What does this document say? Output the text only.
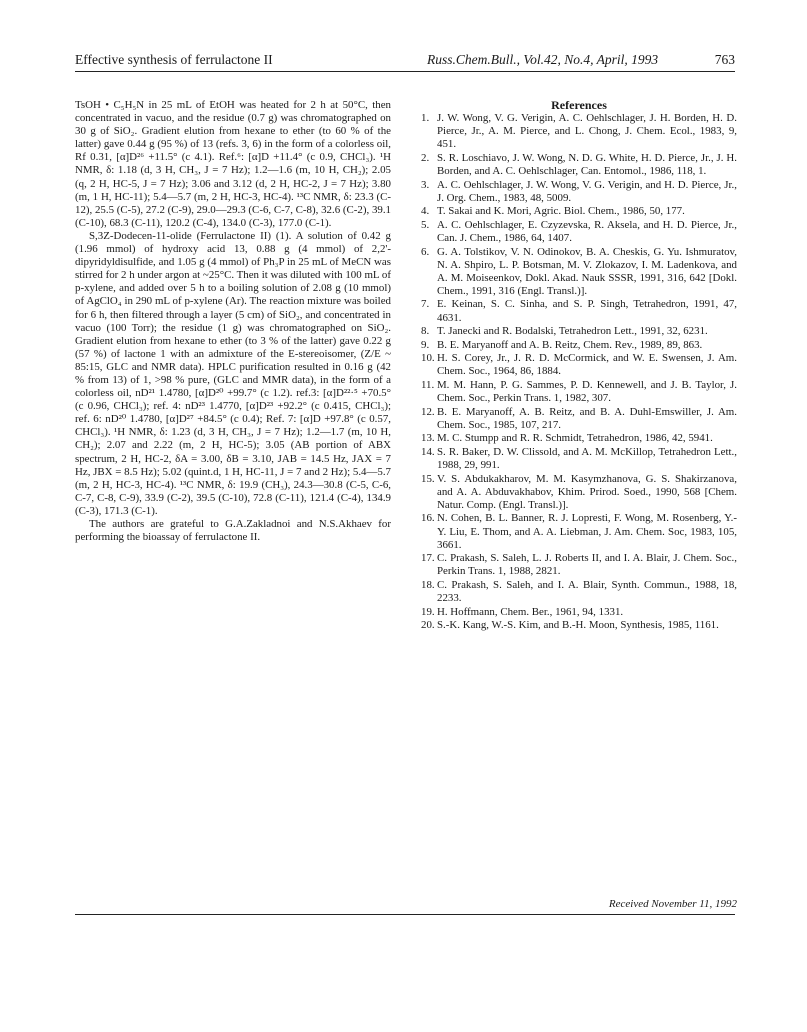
Effective synthesis of ferrulactone II	Russ.Chem.Bull., Vol.42, No.4, April, 1993	763

TsOH • C₅H₅N in 25 mL of EtOH was heated for 2 h at 50°C, then concentrated in vacuo, and the residue (0.7 g) was chromatographed on 30 g of SiO₂. Gradient elution from hexane to ether (to 60 % of the latter) gave 0.44 g (95 %) of 13 (refs. 3, 6) in the form of a colorless oil, Rf 0.31, [α]D²⁶ +11.5° (c 4.1). Ref.⁶: [α]D +11.4° (c 0.9, CHCl₃). ¹H NMR, δ: 1.18 (d, 3 H, CH₃, J = 7 Hz); 1.2—1.6 (m, 10 H, CH₂); 2.05 (q, 2 H, HC-5, J = 7 Hz); 3.06 and 3.12 (d, 2 H, HC-2, J = 7 Hz); 3.80 (m, 1 H, HC-11); 5.4—5.7 (m, 2 H, HC-3, HC-4). ¹³C NMR, δ: 23.3 (C-12), 25.5 (C-5), 27.2 (C-9), 29.0—29.3 (C-6, C-7, C-8), 32.6 (C-2), 39.1 (C-10), 68.3 (C-11), 120.2 (C-4), 134.0 (C-3), 177.0 (C-1).

S,3Z-Dodecen-11-olide (Ferrulactone II) (1). A solution of 0.42 g (1.96 mmol) of hydroxy acid 13, 0.88 g (4 mmol) of 2,2'-dipyridyldisulfide, and 1.05 g (4 mmol) of Ph₃P in 25 mL of MeCN was stirred for 2 h under argon at ~25°C. Then it was diluted with 100 mL of p-xylene, and added over 5 h to a boiling solution of 2.08 g (10 mmol) of AgClO₄ in 290 mL of p-xylene (Ar). The reaction mixture was boiled for 6 h, then filtered through a layer (5 cm) of SiO₂, and concentrated in vacuo (100 Torr); the residue (1 g) was chromatographed on SiO₂. Gradient elution from hexane to ether (to 3 % of the latter) gave 0.22 g (57 %) of lactone 1 with an admixture of the E-stereoisomer, (Z/E ~ 85:15, GLC and NMR data). HPLC purification resulted in 0.16 g (42 % from 13) of 1, >98 % pure, (GLC and MMR data), in the form of a colorless oil, nD²¹ 1.4780, [α]D²⁰ +99.7° (c 1.2). ref.3: [α]D²²·⁵ +70.5° (c 0.96, CHCl₃); ref. 4: nD²³ 1.4770, [α]D²³ +92.2° (c 0.415, CHCl₃); ref. 6: nD²⁰ 1.4780, [α]D²⁷ +84.5° (c 0.4); Ref. 7: [α]D +97.8° (c 0.57, CHCl₃). ¹H NMR, δ: 1.23 (d, 3 H, CH₃, J = 7 Hz); 1.2—1.7 (m, 10 H, CH₂); 2.07 and 2.22 (m, 2 H, HC-5); 3.05 (AB portion of ABX spectrum, 2 H, HC-2, δA = 3.00, δB = 3.10, JAB = 14.5 Hz, JAX = 7 Hz, JBX = 8.5 Hz); 5.02 (quint.d, 1 H, HC-11, J = 7 and 2 Hz); 5.4—5.7 (m, 2 H, HC-3, HC-4). ¹³C NMR, δ: 19.9 (CH₃), 24.3—30.8 (C-5, C-6, C-7, C-8, C-9), 33.9 (C-2), 39.5 (C-10), 72.8 (C-11), 121.4 (C-4), 134.9 (C-3), 171.3 (C-1).

The authors are grateful to G.A.Zakladnoi and N.S.Akhaev for performing the bioassay of ferrulactone II.

References

1. J. W. Wong, V. G. Verigin, A. C. Oehlschlager, J. H. Borden, H. D. Pierce, Jr., A. M. Pierce, and L. Chong, J. Chem. Ecol., 1983, 9, 451.
2. S. R. Loschiavo, J. W. Wong, N. D. G. White, H. D. Pierce, Jr., J. H. Borden, and A. C. Oehlschlager, Can. Entomol., 1986, 118, 1.
3. A. C. Oehlschlager, J. W. Wong, V. G. Verigin, and H. D. Pierce, Jr., J. Org. Chem., 1983, 48, 5009.
4. T. Sakai and K. Mori, Agric. Biol. Chem., 1986, 50, 177.
5. A. C. Oehlschlager, E. Czyzevska, R. Aksela, and H. D. Pierce, Jr., Can. J. Chem., 1986, 64, 1407.
6. G. A. Tolstikov, V. N. Odinokov, B. A. Cheskis, G. Yu. Ishmuratov, N. A. Shpiro, L. P. Botsman, M. V. Zlokazov, I. M. Ladenkova, and A. M. Moiseenkov, Dokl. Akad. Nauk SSSR, 1991, 316, 642 [Dokl. Chem., 1991, 316 (Engl. Transl.)].
7. E. Keinan, S. C. Sinha, and S. P. Singh, Tetrahedron, 1991, 47, 4631.
8. T. Janecki and R. Bodalski, Tetrahedron Lett., 1991, 32, 6231.
9. B. E. Maryanoff and A. B. Reitz, Chem. Rev., 1989, 89, 863.
10. H. S. Corey, Jr., J. R. D. McCormick, and W. E. Swensen, J. Am. Chem. Soc., 1964, 86, 1884.
11. M. M. Hann, P. G. Sammes, P. D. Kennewell, and J. B. Taylor, J. Chem. Soc., Perkin Trans. 1, 1982, 307.
12. B. E. Maryanoff, A. B. Reitz, and B. A. Duhl-Emswiller, J. Am. Chem. Soc., 1985, 107, 217.
13. M. C. Stumpp and R. R. Schmidt, Tetrahedron, 1986, 42, 5941.
14. S. R. Baker, D. W. Clissold, and A. M. McKillop, Tetrahedron Lett., 1988, 29, 991.
15. V. S. Abdukakharov, M. M. Kasymzhanova, G. S. Shakirzanova, and A. A. Abduvakhabov, Khim. Prirod. Soed., 1990, 568 [Chem. Natur. Comp. (Engl. Transl.)].
16. N. Cohen, B. L. Banner, R. J. Lopresti, F. Wong, M. Rosenberg, Y.-Y. Liu, E. Thom, and A. A. Liebman, J. Am. Chem. Soc, 1983, 105, 3661.
17. C. Prakash, S. Saleh, L. J. Roberts II, and I. A. Blair, J. Chem. Soc., Perkin Trans. 1, 1988, 2821.
18. C. Prakash, S. Saleh, and I. A. Blair, Synth. Commun., 1988, 18, 2233.
19. H. Hoffmann, Chem. Ber., 1961, 94, 1331.
20. S.-K. Kang, W.-S. Kim, and B.-H. Moon, Synthesis, 1985, 1161.
Received November 11, 1992
